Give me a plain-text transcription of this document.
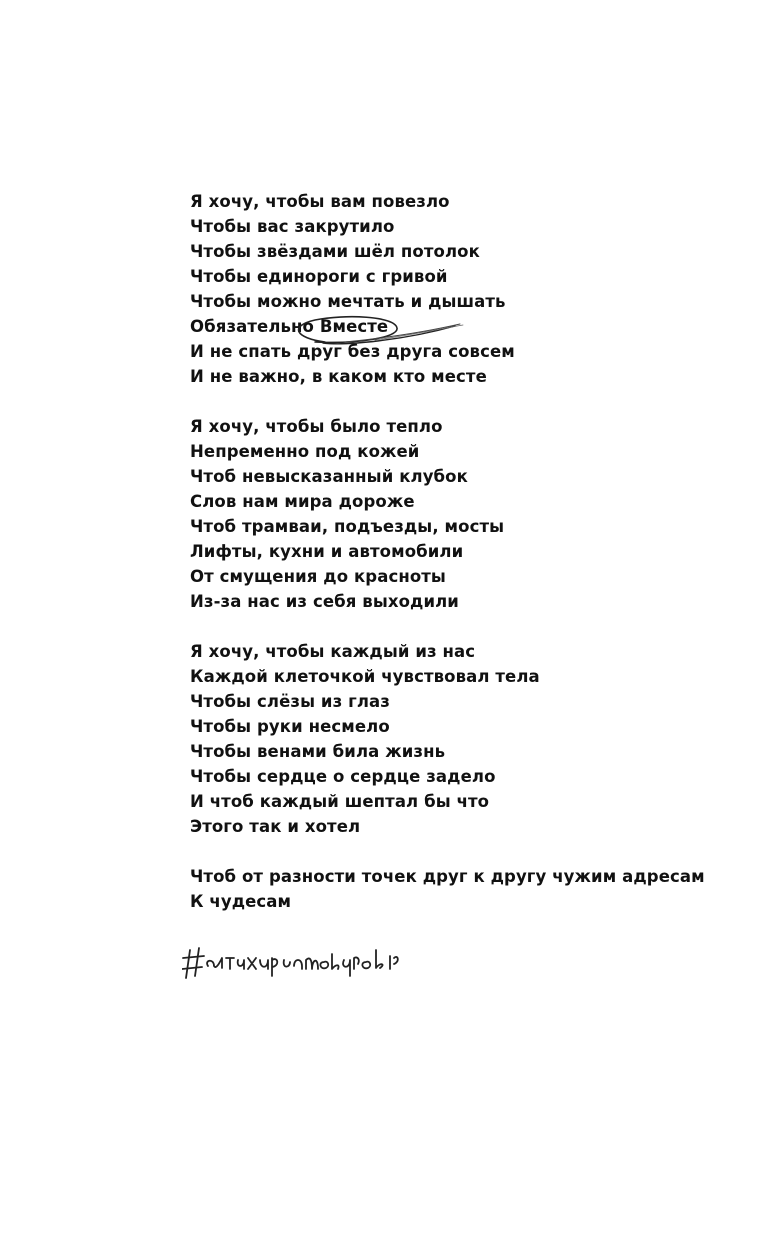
Я хочу, чтобы вам повезло
Чтобы вас закрутило
Чтобы звёздами шёл потолок
Чтобы единороги с гривой
Чтобы можно мечтать и дышать
Обязательно Вместе
И не спать друг без друга совсем
И не важно, в каком кто месте
Я хочу, чтобы было тепло
Непременно под кожей
Чтоб невысказанный клубок
Слов нам мира дороже
Чтоб трамваи, подъезды, мосты
Лифты, кухни и автомобили
От смущения до красноты
Из-за нас из себя выходили
Я хочу, чтобы каждый из нас
Каждой клеточкой чувствовал тела
Чтобы слёзы из глаз
Чтобы руки несмело
Чтобы венами била жизнь
Чтобы сердце о сердце задело
И чтоб каждый шептал бы что
Этого так и хотел
Чтоб от разности точек друг к другу чужим адресам
К чудесам
